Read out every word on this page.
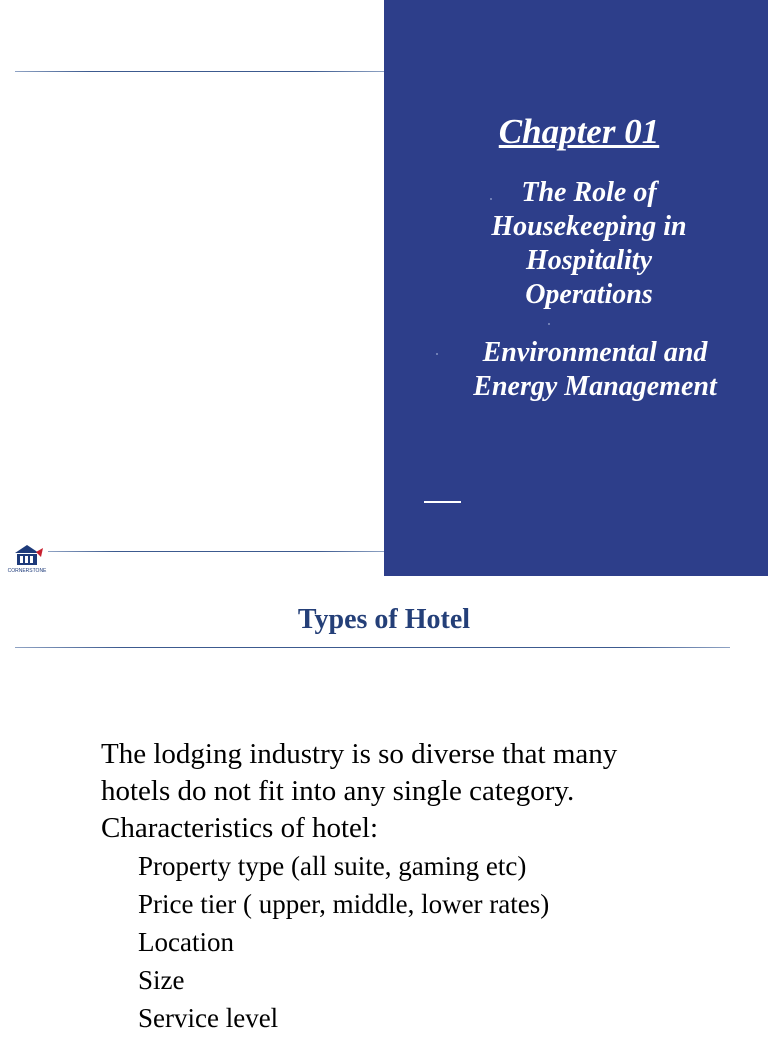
CORNERSTONE
Chapter 01
The Role of
Housekeeping in
Hospitality
Operations
Environmental and
Energy Management
Types of Hotel

The lodging industry is so diverse that many

hotels do not fit into any single category.

Characteristics of hotel:

Property type (all suite, gaming etc)

Price tier ( upper, middle, lower rates)

Location

Size

Service level
